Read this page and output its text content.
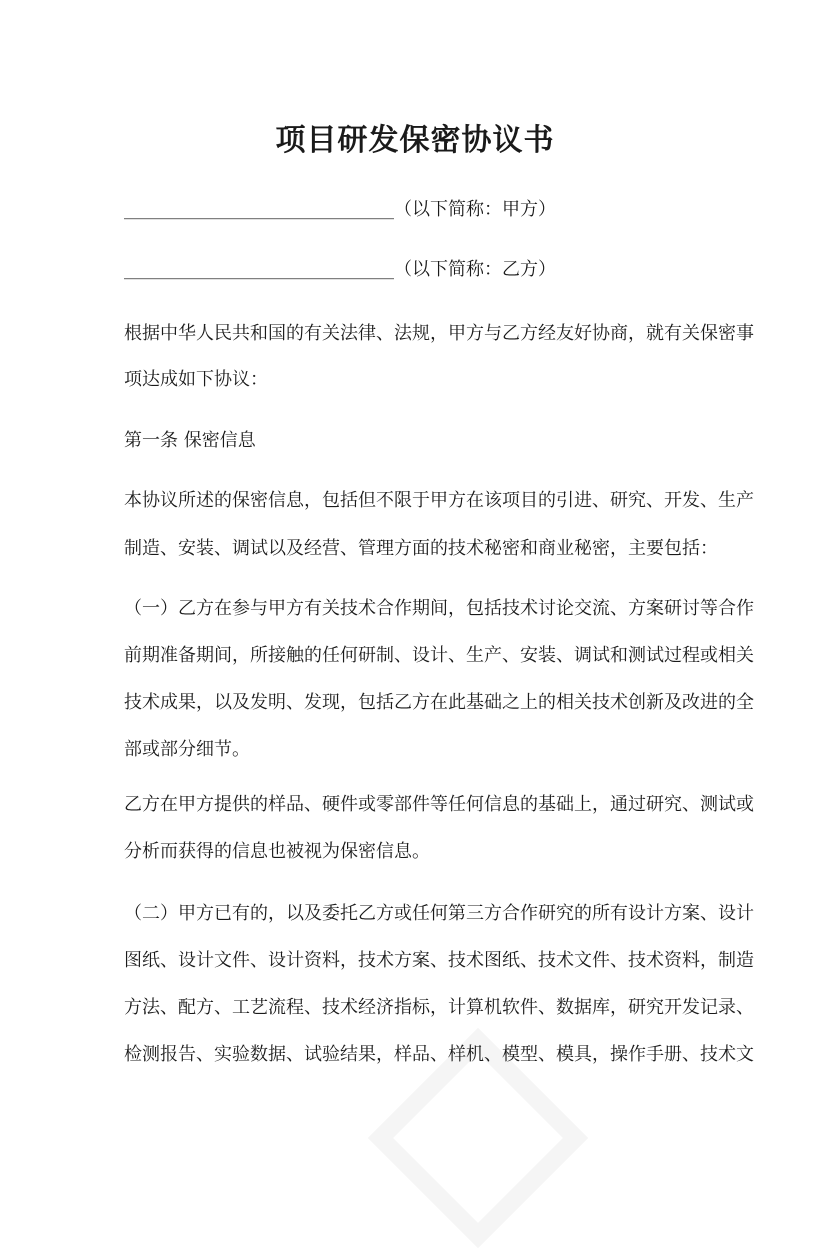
项目研发保密协议书
______________________________（以下简称：甲方）
______________________________（以下简称：乙方）
根据中华人民共和国的有关法律、法规，甲方与乙方经友好协商，就有关保密事
项达成如下协议：
第一条 保密信息
本协议所述的保密信息，包括但不限于甲方在该项目的引进、研究、开发、生产
制造、安装、调试以及经营、管理方面的技术秘密和商业秘密，主要包括：
（一）乙方在参与甲方有关技术合作期间，包括技术讨论交流、方案研讨等合作
前期准备期间，所接触的任何研制、设计、生产、安装、调试和测试过程或相关
技术成果，以及发明、发现，包括乙方在此基础之上的相关技术创新及改进的全
部或部分细节。
乙方在甲方提供的样品、硬件或零部件等任何信息的基础上，通过研究、测试或
分析而获得的信息也被视为保密信息。
（二）甲方已有的，以及委托乙方或任何第三方合作研究的所有设计方案、设计
图纸、设计文件、设计资料，技术方案、技术图纸、技术文件、技术资料，制造
方法、配方、工艺流程、技术经济指标，计算机软件、数据库，研究开发记录、
检测报告、实验数据、试验结果，样品、样机、模型、模具，操作手册、技术文
